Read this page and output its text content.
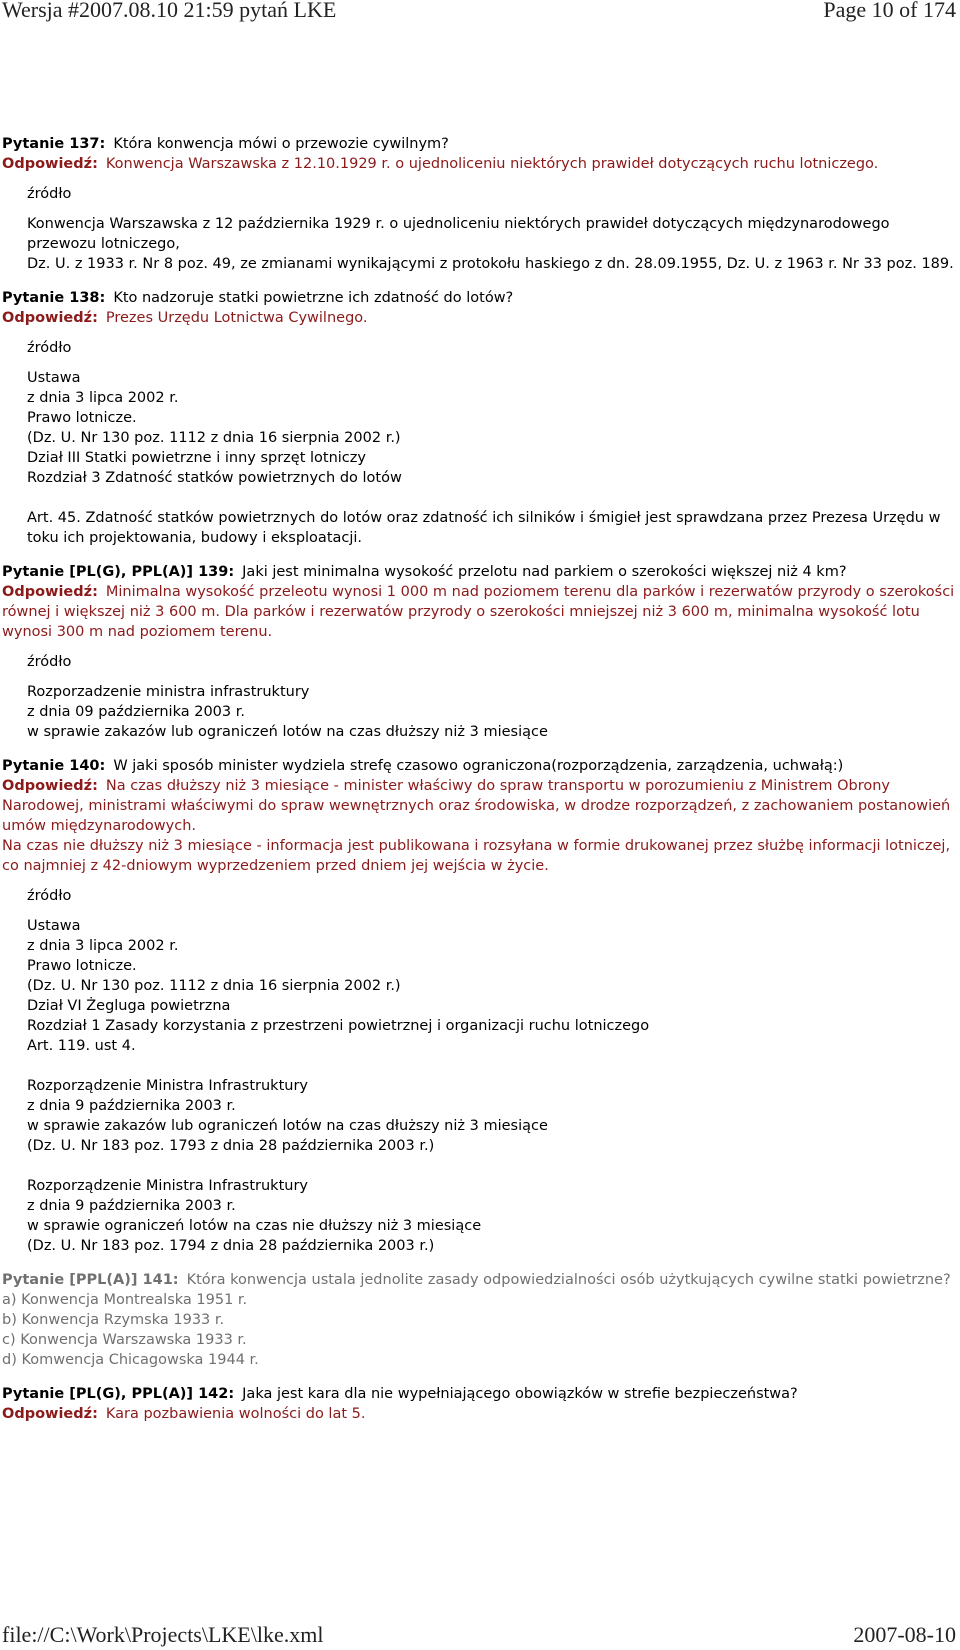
Wersja #2007.08.10 21:59 pytań LKE	Page 10 of 174
Pytanie 137: Która konwencja mówi o przewozie cywilnym?
Odpowiedź: Konwencja Warszawska z 12.10.1929 r. o ujednoliceniu niektórych prawideł dotyczących ruchu lotniczego.
źródło
Konwencja Warszawska z 12 października 1929 r. o ujednoliceniu niektórych prawideł dotyczących międzynarodowego przewozu lotniczego,
Dz. U. z 1933 r. Nr 8 poz. 49, ze zmianami wynikającymi z protokołu haskiego z dn. 28.09.1955, Dz. U. z 1963 r. Nr 33 poz. 189.
Pytanie 138: Kto nadzoruje statki powietrzne ich zdatność do lotów?
Odpowiedź: Prezes Urzędu Lotnictwa Cywilnego.
źródło
Ustawa
z dnia 3 lipca 2002 r.
Prawo lotnicze.
(Dz. U. Nr 130 poz. 1112 z dnia 16 sierpnia 2002 r.)
Dział III Statki powietrzne i inny sprzęt lotniczy
Rozdział 3 Zdatność statków powietrznych do lotów
Art. 45. Zdatność statków powietrznych do lotów oraz zdatność ich silników i śmigieł jest sprawdzana przez Prezesa Urzędu w toku ich projektowania, budowy i eksploatacji.
Pytanie [PL(G), PPL(A)] 139: Jaki jest minimalna wysokość przelotu nad parkiem o szerokości większej niż 4 km?
Odpowiedź: Minimalna wysokość przeleotu wynosi 1 000 m nad poziomem terenu dla parków i rezerwatów przyrody o szerokości równej i większej niż 3 600 m. Dla parków i rezerwatów przyrody o szerokości mniejszej niż 3 600 m, minimalna wysokość lotu wynosi 300 m nad poziomem terenu.
źródło
Rozporzadzenie ministra infrastruktury
z dnia 09 października 2003 r.
w sprawie zakazów lub ograniczeń lotów na czas dłuższy niż 3 miesiące
Pytanie 140: W jaki sposób minister wydziela strefę czasowo ograniczona(rozporządzenia, zarządzenia, uchwałą:)
Odpowiedź: Na czas dłuższy niż 3 miesiące - minister właściwy do spraw transportu w porozumieniu z Ministrem Obrony Narodowej, ministrami właściwymi do spraw wewnętrznych oraz środowiska, w drodze rozporządzeń, z zachowaniem postanowień umów międzynarodowych.
Na czas nie dłuższy niż 3 miesiące - informacja jest publikowana i rozsyłana w formie drukowanej przez służbę informacji lotniczej, co najmniej z 42-dniowym wyprzedzeniem przed dniem jej wejścia w życie.
źródło
Ustawa
z dnia 3 lipca 2002 r.
Prawo lotnicze.
(Dz. U. Nr 130 poz. 1112 z dnia 16 sierpnia 2002 r.)
Dział VI Żegluga powietrzna
Rozdział 1 Zasady korzystania z przestrzeni powietrznej i organizacji ruchu lotniczego
Art. 119. ust 4.
Rozporządzenie Ministra Infrastruktury
z dnia 9 października 2003 r.
w sprawie zakazów lub ograniczeń lotów na czas dłuższy niż 3 miesiące
(Dz. U. Nr 183 poz. 1793 z dnia 28 października 2003 r.)
Rozporządzenie Ministra Infrastruktury
z dnia 9 października 2003 r.
w sprawie ograniczeń lotów na czas nie dłuższy niż 3 miesiące
(Dz. U. Nr 183 poz. 1794 z dnia 28 października 2003 r.)
Pytanie [PPL(A)] 141: Która konwencja ustala jednolite zasady odpowiedzialności osób użytkujących cywilne statki powietrzne?
a) Konwencja Montrealska 1951 r.
b) Konwencja Rzymska 1933 r.
c) Konwencja Warszawska 1933 r.
d) Komwencja Chicagowska 1944 r.
Pytanie [PL(G), PPL(A)] 142: Jaka jest kara dla nie wypełniającego obowiązków w strefie bezpieczeństwa?
Odpowiedź: Kara pozbawienia wolności do lat 5.
file://C:\Work\Projects\LKE\lke.xml	2007-08-10
